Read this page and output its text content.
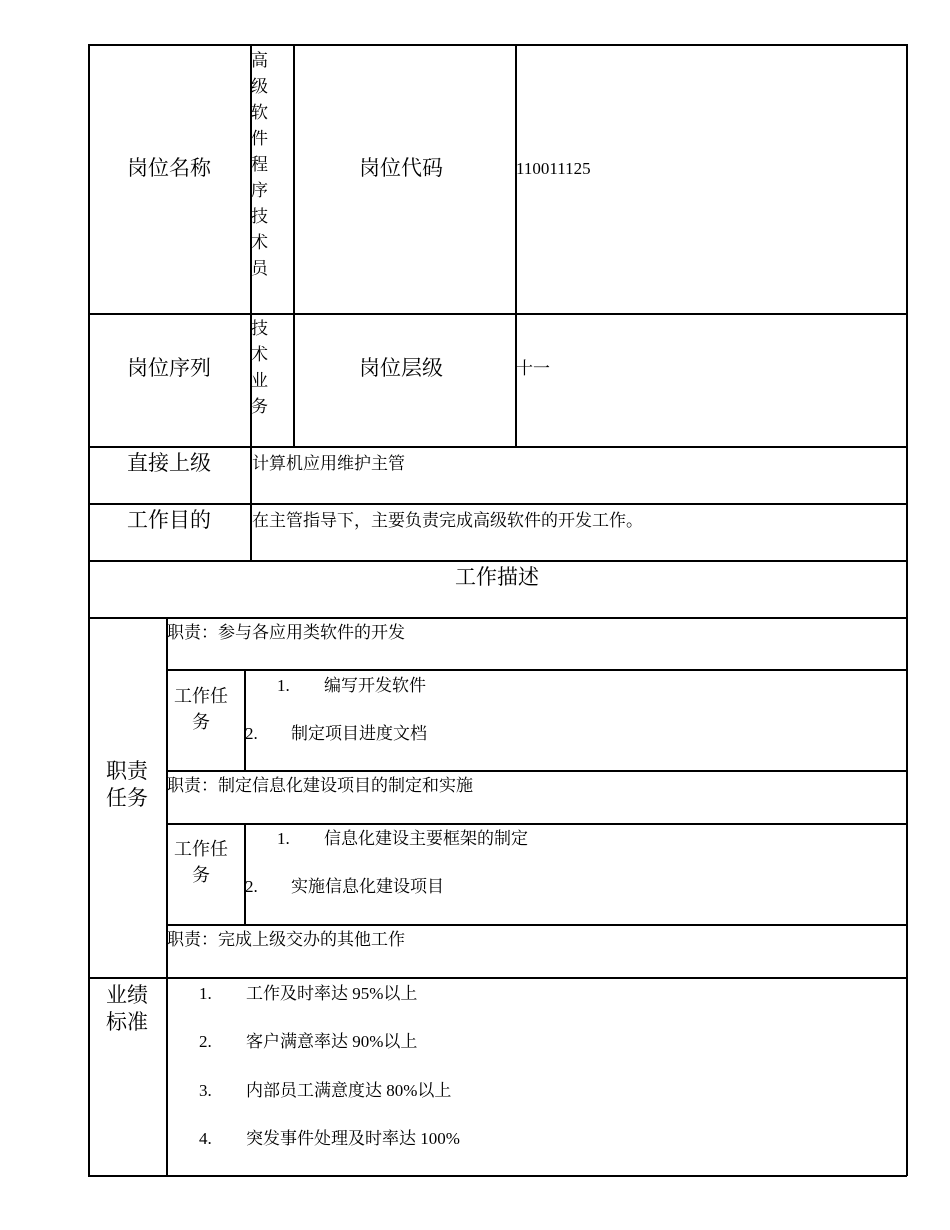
岗位名称
高级软件程序技术员
岗位代码	110011125
岗位序列
技术业务
岗位层级	十一
直接上级 计算机应用维护主管
工作目的 在主管指导下，主要负责完成高级软件的开发工作。
工作描述
职责任务
职责：参与各应用类软件的开发
工作任务
1. 编写开发软件
2. 制定项目进度文档
职责：制定信息化建设项目的制定和实施
工作任务
1. 信息化建设主要框架的制定
2. 实施信息化建设项目
职责：完成上级交办的其他工作
业绩标准
1. 工作及时率达 95%以上
2. 客户满意率达 90%以上
3. 内部员工满意度达 80%以上
4. 突发事件处理及时率达 100%
